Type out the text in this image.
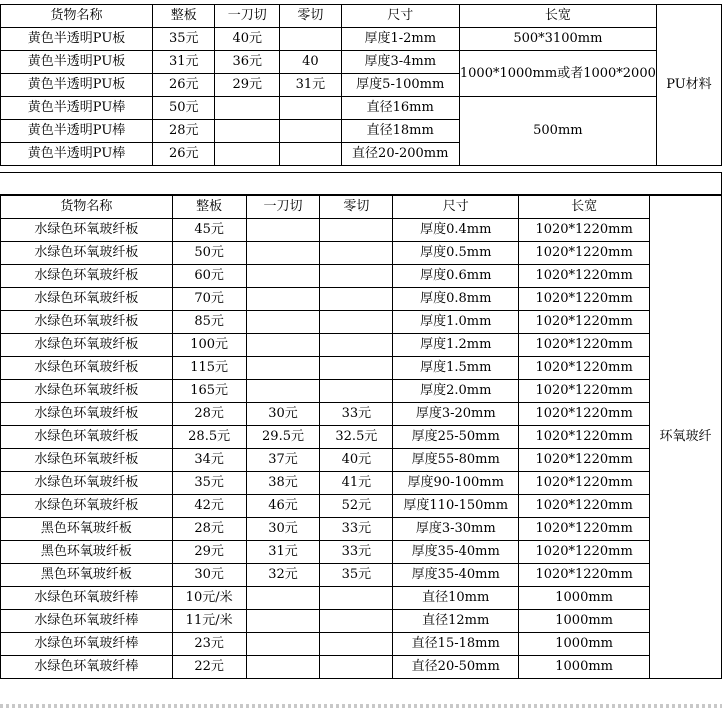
货物名称	整板	一刀切	零切	尺寸	长宽	PU材料
黄色半透明PU板	35元	40元		厚度1-2mm	500*3100mm	
黄色半透明PU板	31元	36元	40	厚度3-4mm	1000*1000mm或者1000*2000	
黄色半透明PU板	26元	29元	31元	厚度5-100mm		
黄色半透明PU棒	50元			直径16mm	500mm	
黄色半透明PU棒	28元			直径18mm		
黄色半透明PU棒	26元			直径20-200mm		
货物名称	整板	一刀切	零切	尺寸	长宽	环氧玻纤
水绿色环氧玻纤板	45元			厚度0.4mm	1020*1220mm	
水绿色环氧玻纤板	50元			厚度0.5mm	1020*1220mm	
水绿色环氧玻纤板	60元			厚度0.6mm	1020*1220mm	
水绿色环氧玻纤板	70元			厚度0.8mm	1020*1220mm	
水绿色环氧玻纤板	85元			厚度1.0mm	1020*1220mm	
水绿色环氧玻纤板	100元			厚度1.2mm	1020*1220mm	
水绿色环氧玻纤板	115元			厚度1.5mm	1020*1220mm	
水绿色环氧玻纤板	165元			厚度2.0mm	1020*1220mm	
水绿色环氧玻纤板	28元	30元	33元	厚度3-20mm	1020*1220mm	
水绿色环氧玻纤板	28.5元	29.5元	32.5元	厚度25-50mm	1020*1220mm	
水绿色环氧玻纤板	34元	37元	40元	厚度55-80mm	1020*1220mm	
水绿色环氧玻纤板	35元	38元	41元	厚度90-100mm	1020*1220mm	
水绿色环氧玻纤板	42元	46元	52元	厚度110-150mm	1020*1220mm	
黑色环氧玻纤板	28元	30元	33元	厚度3-30mm	1020*1220mm	
黑色环氧玻纤板	29元	31元	33元	厚度35-40mm	1020*1220mm	
黑色环氧玻纤板	30元	32元	35元	厚度35-40mm	1020*1220mm	
水绿色环氧玻纤棒	10元/米			直径10mm	1000mm	
水绿色环氧玻纤棒	11元/米			直径12mm	1000mm	
水绿色环氧玻纤棒	23元			直径15-18mm	1000mm	
水绿色环氧玻纤棒	22元			直径20-50mm	1000mm	
